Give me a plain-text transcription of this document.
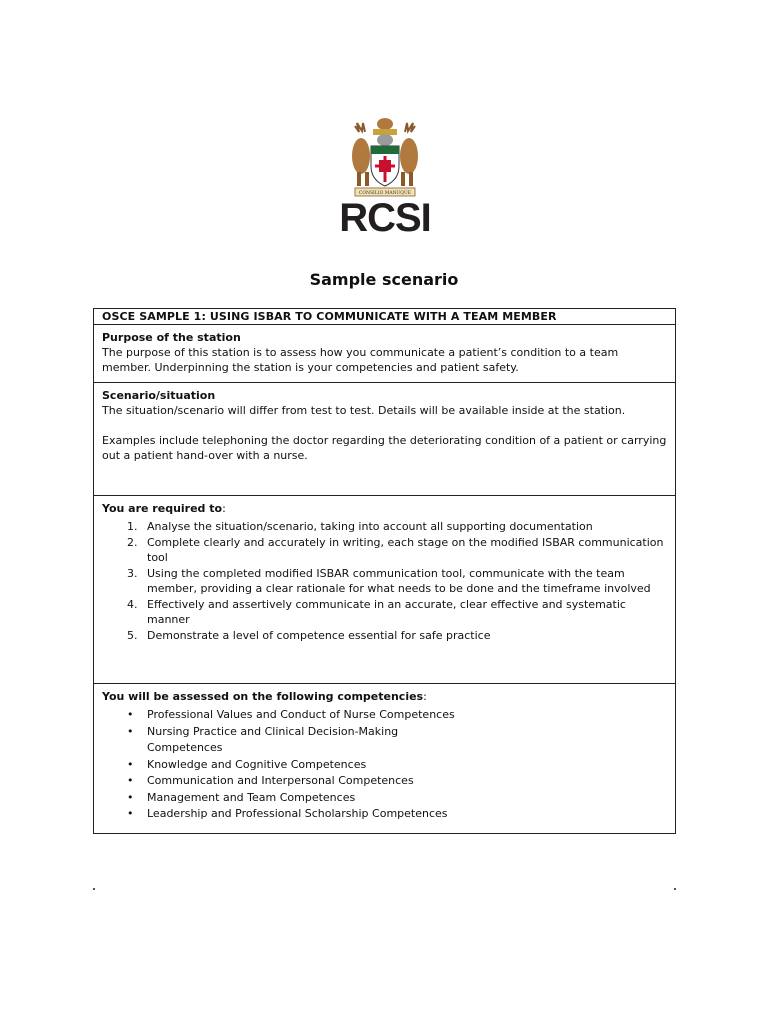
CONSILIO MANUQUE
RCSI
Sample scenario
OSCE SAMPLE 1: USING ISBAR TO COMMUNICATE WITH A TEAM MEMBER

Purpose of the station

The purpose of this station is to assess how you communicate a patient’s condition to a team member. Underpinning the station is your competencies and patient safety.

Scenario/situation

The situation/scenario will differ from test to test. Details will be available inside at the station.

Examples include telephoning the doctor regarding the deteriorating condition of a patient or carrying out a patient hand-over with a nurse.

You are required to:

1. Analyse the situation/scenario, taking into account all supporting documentation
2. Complete clearly and accurately in writing, each stage on the modified ISBAR communication tool
3. Using the completed modified ISBAR communication tool, communicate with the team member, providing a clear rationale for what needs to be done and the timeframe involved
4. Effectively and assertively communicate in an accurate, clear effective and systematic manner
5. Demonstrate a level of competence essential for safe practice

You will be assessed on the following competencies:

• Professional Values and Conduct of Nurse Competences
• Nursing Practice and Clinical Decision-Making Competences
• Knowledge and Cognitive Competences
• Communication and Interpersonal Competences
• Management and Team Competences
• Leadership and Professional Scholarship Competences
